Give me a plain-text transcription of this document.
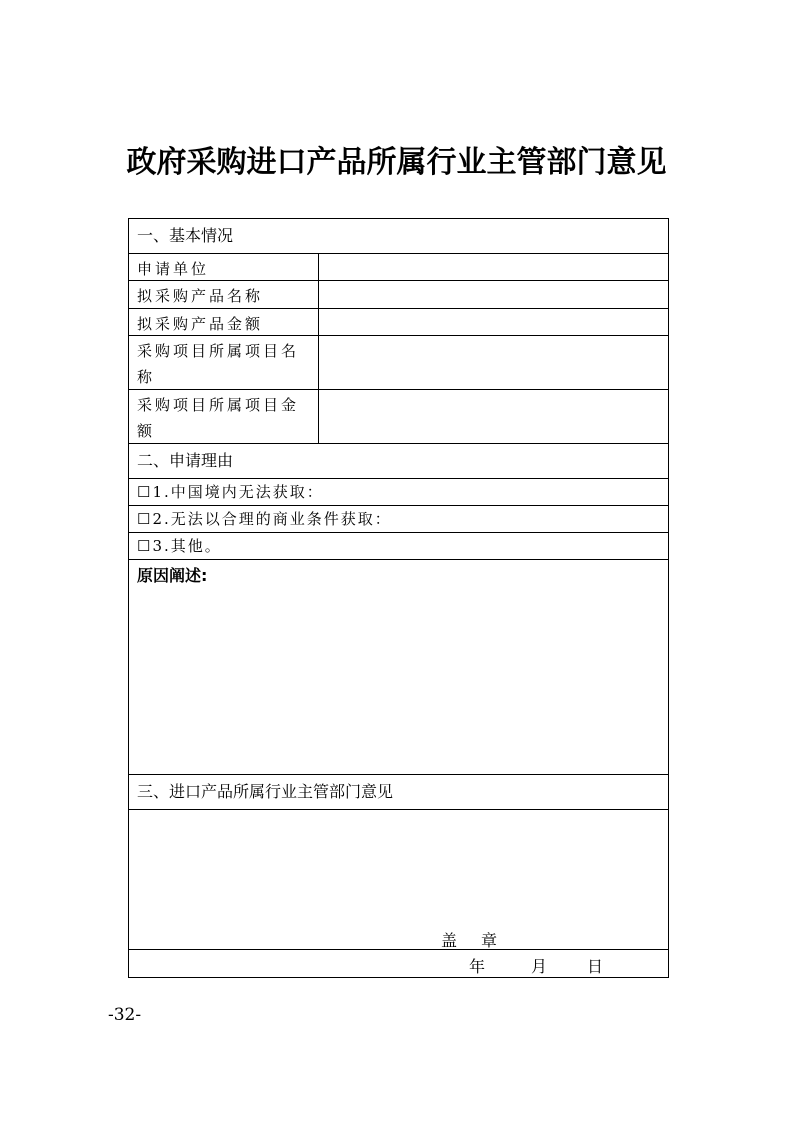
政府采购进口产品所属行业主管部门意见
一、基本情况
申请单位
拟采购产品名称
拟采购产品金额
采购项目所属项目名称
采购项目所属项目金额
二、申请理由
☐1.中国境内无法获取：
☐2.无法以合理的商业条件获取：
☐3.其他。
原因阐述:
三、进口产品所属行业主管部门意见
盖章
年	月 日
-32-
